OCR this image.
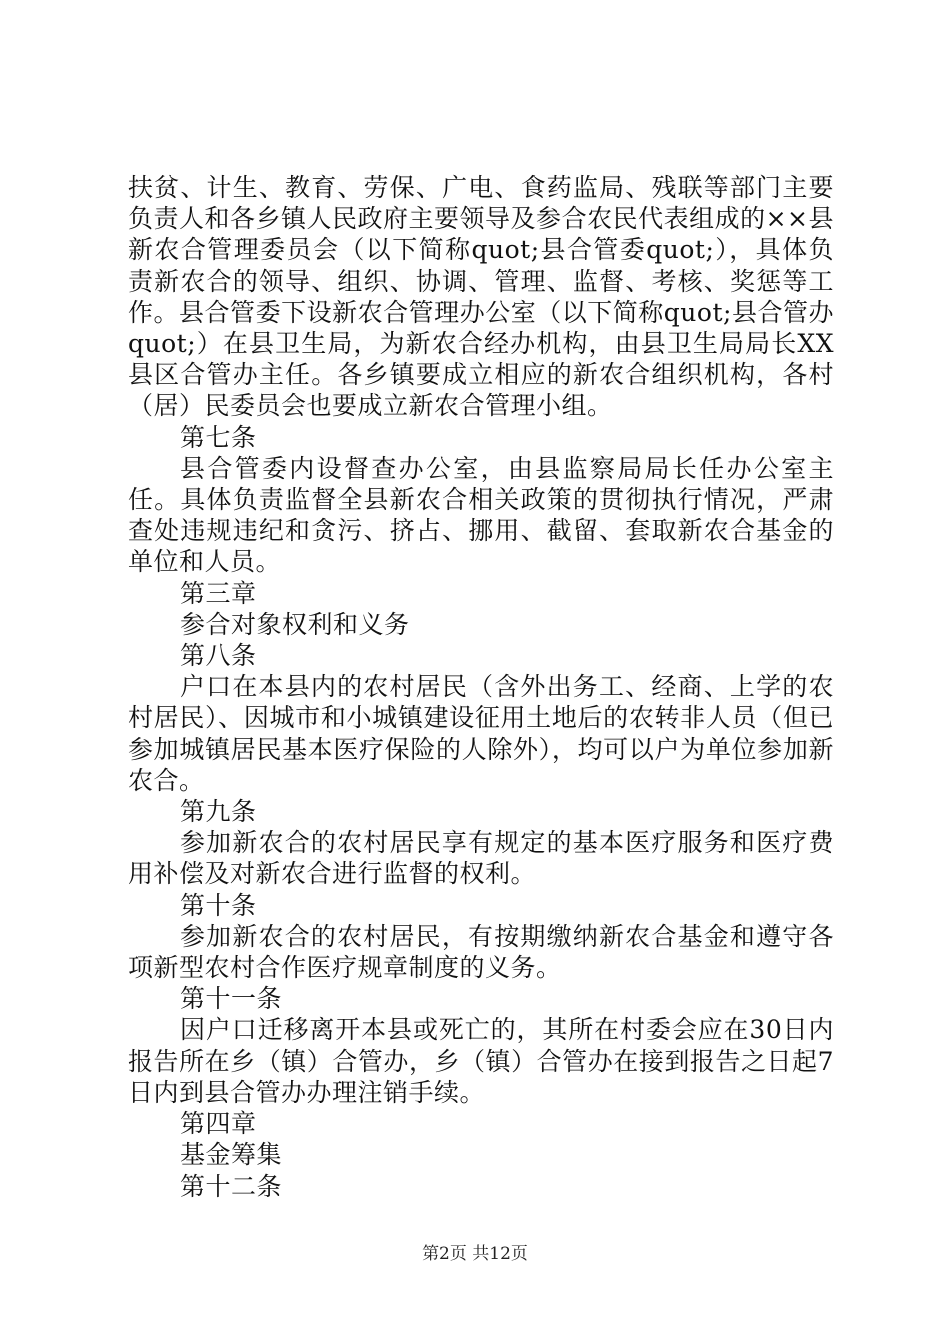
扶贫、计生、教育、劳保、广电、食药监局、残联等部门主要负责人和各乡镇人民政府主要领导及参合农民代表组成的××县新农合管理委员会（以下简称quot;县合管委quot;），具体负责新农合的领导、组织、协调、管理、监督、考核、奖惩等工作。县合管委下设新农合管理办公室（以下简称quot;县合管办quot;）在县卫生局，为新农合经办机构，由县卫生局局长XX县区合管办主任。各乡镇要成立相应的新农合组织机构，各村（居）民委员会也要成立新农合管理小组。

第七条

县合管委内设督查办公室，由县监察局局长任办公室主任。具体负责监督全县新农合相关政策的贯彻执行情况，严肃查处违规违纪和贪污、挤占、挪用、截留、套取新农合基金的单位和人员。

第三章

参合对象权利和义务

第八条

户口在本县内的农村居民（含外出务工、经商、上学的农村居民）、因城市和小城镇建设征用土地后的农转非人员（但已参加城镇居民基本医疗保险的人除外），均可以户为单位参加新农合。

第九条

参加新农合的农村居民享有规定的基本医疗服务和医疗费用补偿及对新农合进行监督的权利。

第十条

参加新农合的农村居民，有按期缴纳新农合基金和遵守各项新型农村合作医疗规章制度的义务。

第十一条

因户口迁移离开本县或死亡的，其所在村委会应在30日内报告所在乡（镇）合管办，乡（镇）合管办在接到报告之日起7日内到县合管办办理注销手续。

第四章

基金筹集

第十二条

第2页 共12页
